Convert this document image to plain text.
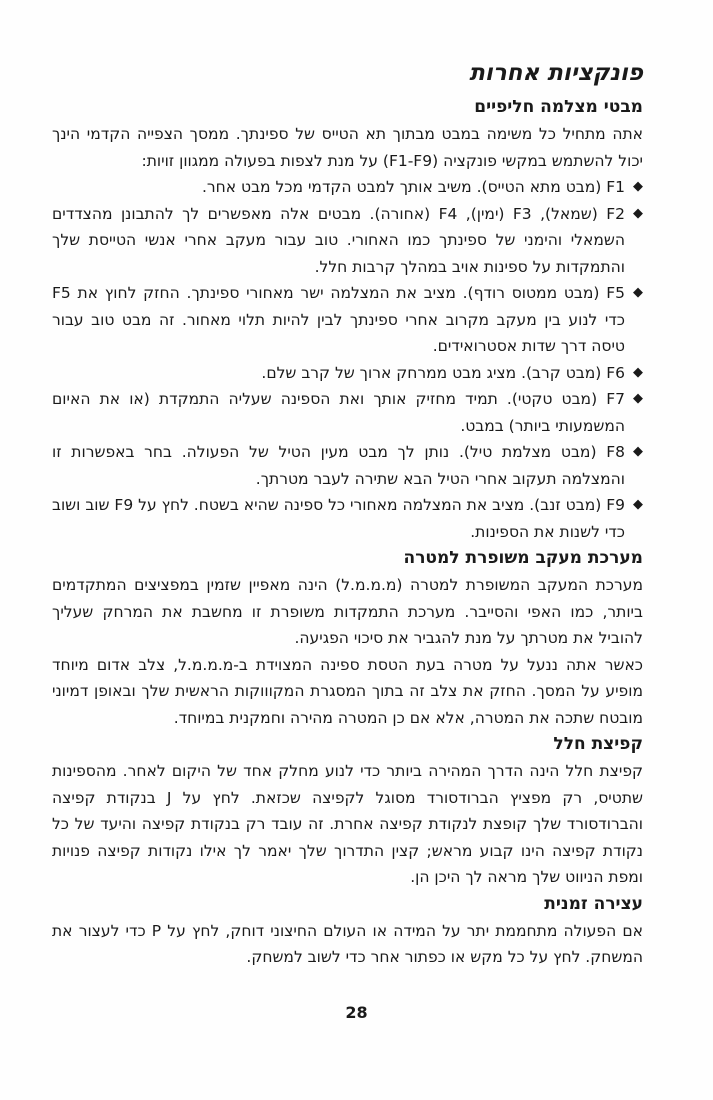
פונקציות אחרות
מבטי מצלמה חליפיים

אתה מתחיל כל משימה במבט מבתוך תא הטייס של ספינתך. ממסך הצפייה הקדמי הינך יכול להשתמש במקשי פונקציה (F1-F9) על מנת לצפות בפעולה ממגוון זויות:

◆
F1 (מבט מתא הטייס). משיב אותך למבט הקדמי מכל מבט אחר.
◆
F2 (שמאל), F3 (ימין), F4 (אחורה). מבטים אלה מאפשרים לך להתבונן מהצדדים השמאלי והימני של ספינתך כמו האחורי. טוב עבור מעקב אחרי אנשי הטייסת שלך והתמקדות על ספינות אויב במהלך קרבות חלל.
◆
F5 (מבט ממטוס רודף). מציב את המצלמה ישר מאחורי ספינתך. החזק לחוץ את F5 כדי לנוע בין מעקב מקרוב אחרי ספינתך לבין להיות תלוי מאחור. זה מבט טוב עבור טיסה דרך שדות אסטרואידים.
◆
F6 (מבט קרב). מציג מבט ממרחק ארוך של קרב שלם.
◆
F7 (מבט טקטי). תמיד מחזיק אותך ואת הספינה שעליה התמקדת (או את האיום המשמעותי ביותר) במבט.
◆
F8 (מבט מצלמת טיל). נותן לך מבט מעין הטיל של הפעולה. בחר באפשרות זו והמצלמה תעקוב אחרי הטיל הבא שתירה לעבר מטרתך.
◆
F9 (מבט זנב). מציב את המצלמה מאחורי כל ספינה שהיא בשטח. לחץ על F9 שוב ושוב כדי לשנות את הספינות.
מערכת מעקב משופרת למטרה

מערכת המעקב המשופרת למטרה (מ.מ.מ.ל) הינה מאפיין שזמין במפציצים המתקדמים ביותר, כמו האפי והסייבר. מערכת התמקדות משופרת זו מחשבת את המרחק שעליך להוביל את מטרתך על מנת להגביר את סיכוי הפגיעה.

כאשר אתה ננעל על מטרה בעת הטסת ספינה המצוידת ב-מ.מ.מ.ל, צלב אדום מיוחד מופיע על המסך. החזק את צלב זה בתוך המסגרת המקוווקות הראשית שלך ובאופן דמיוני מובטח שתכה את המטרה, אלא אם כן המטרה מהירה וחמקנית במיוחד.

קפיצת חלל

קפיצת חלל הינה הדרך המהירה ביותר כדי לנוע מחלק אחד של היקום לאחר. מהספינות שתטיס, רק מפציץ הברודסורד מסוגל לקפיצה שכזאת. לחץ על J בנקודת קפיצה והברודסורד שלך קופצת לנקודת קפיצה אחרת. זה עובד רק בנקודת קפיצה והיעד של כל נקודת קפיצה הינו קבוע מראש; קצין התדרוך שלך יאמר לך אילו נקודות קפיצה פנויות ומפת הניווט שלך מראה לך היכן הן.

עצירה זמנית

אם הפעולה מתחממת יתר על המידה או העולם החיצוני דוחק, לחץ על P כדי לעצור את המשחק. לחץ על כל מקש או כפתור אחר כדי לשוב למשחק.

28
